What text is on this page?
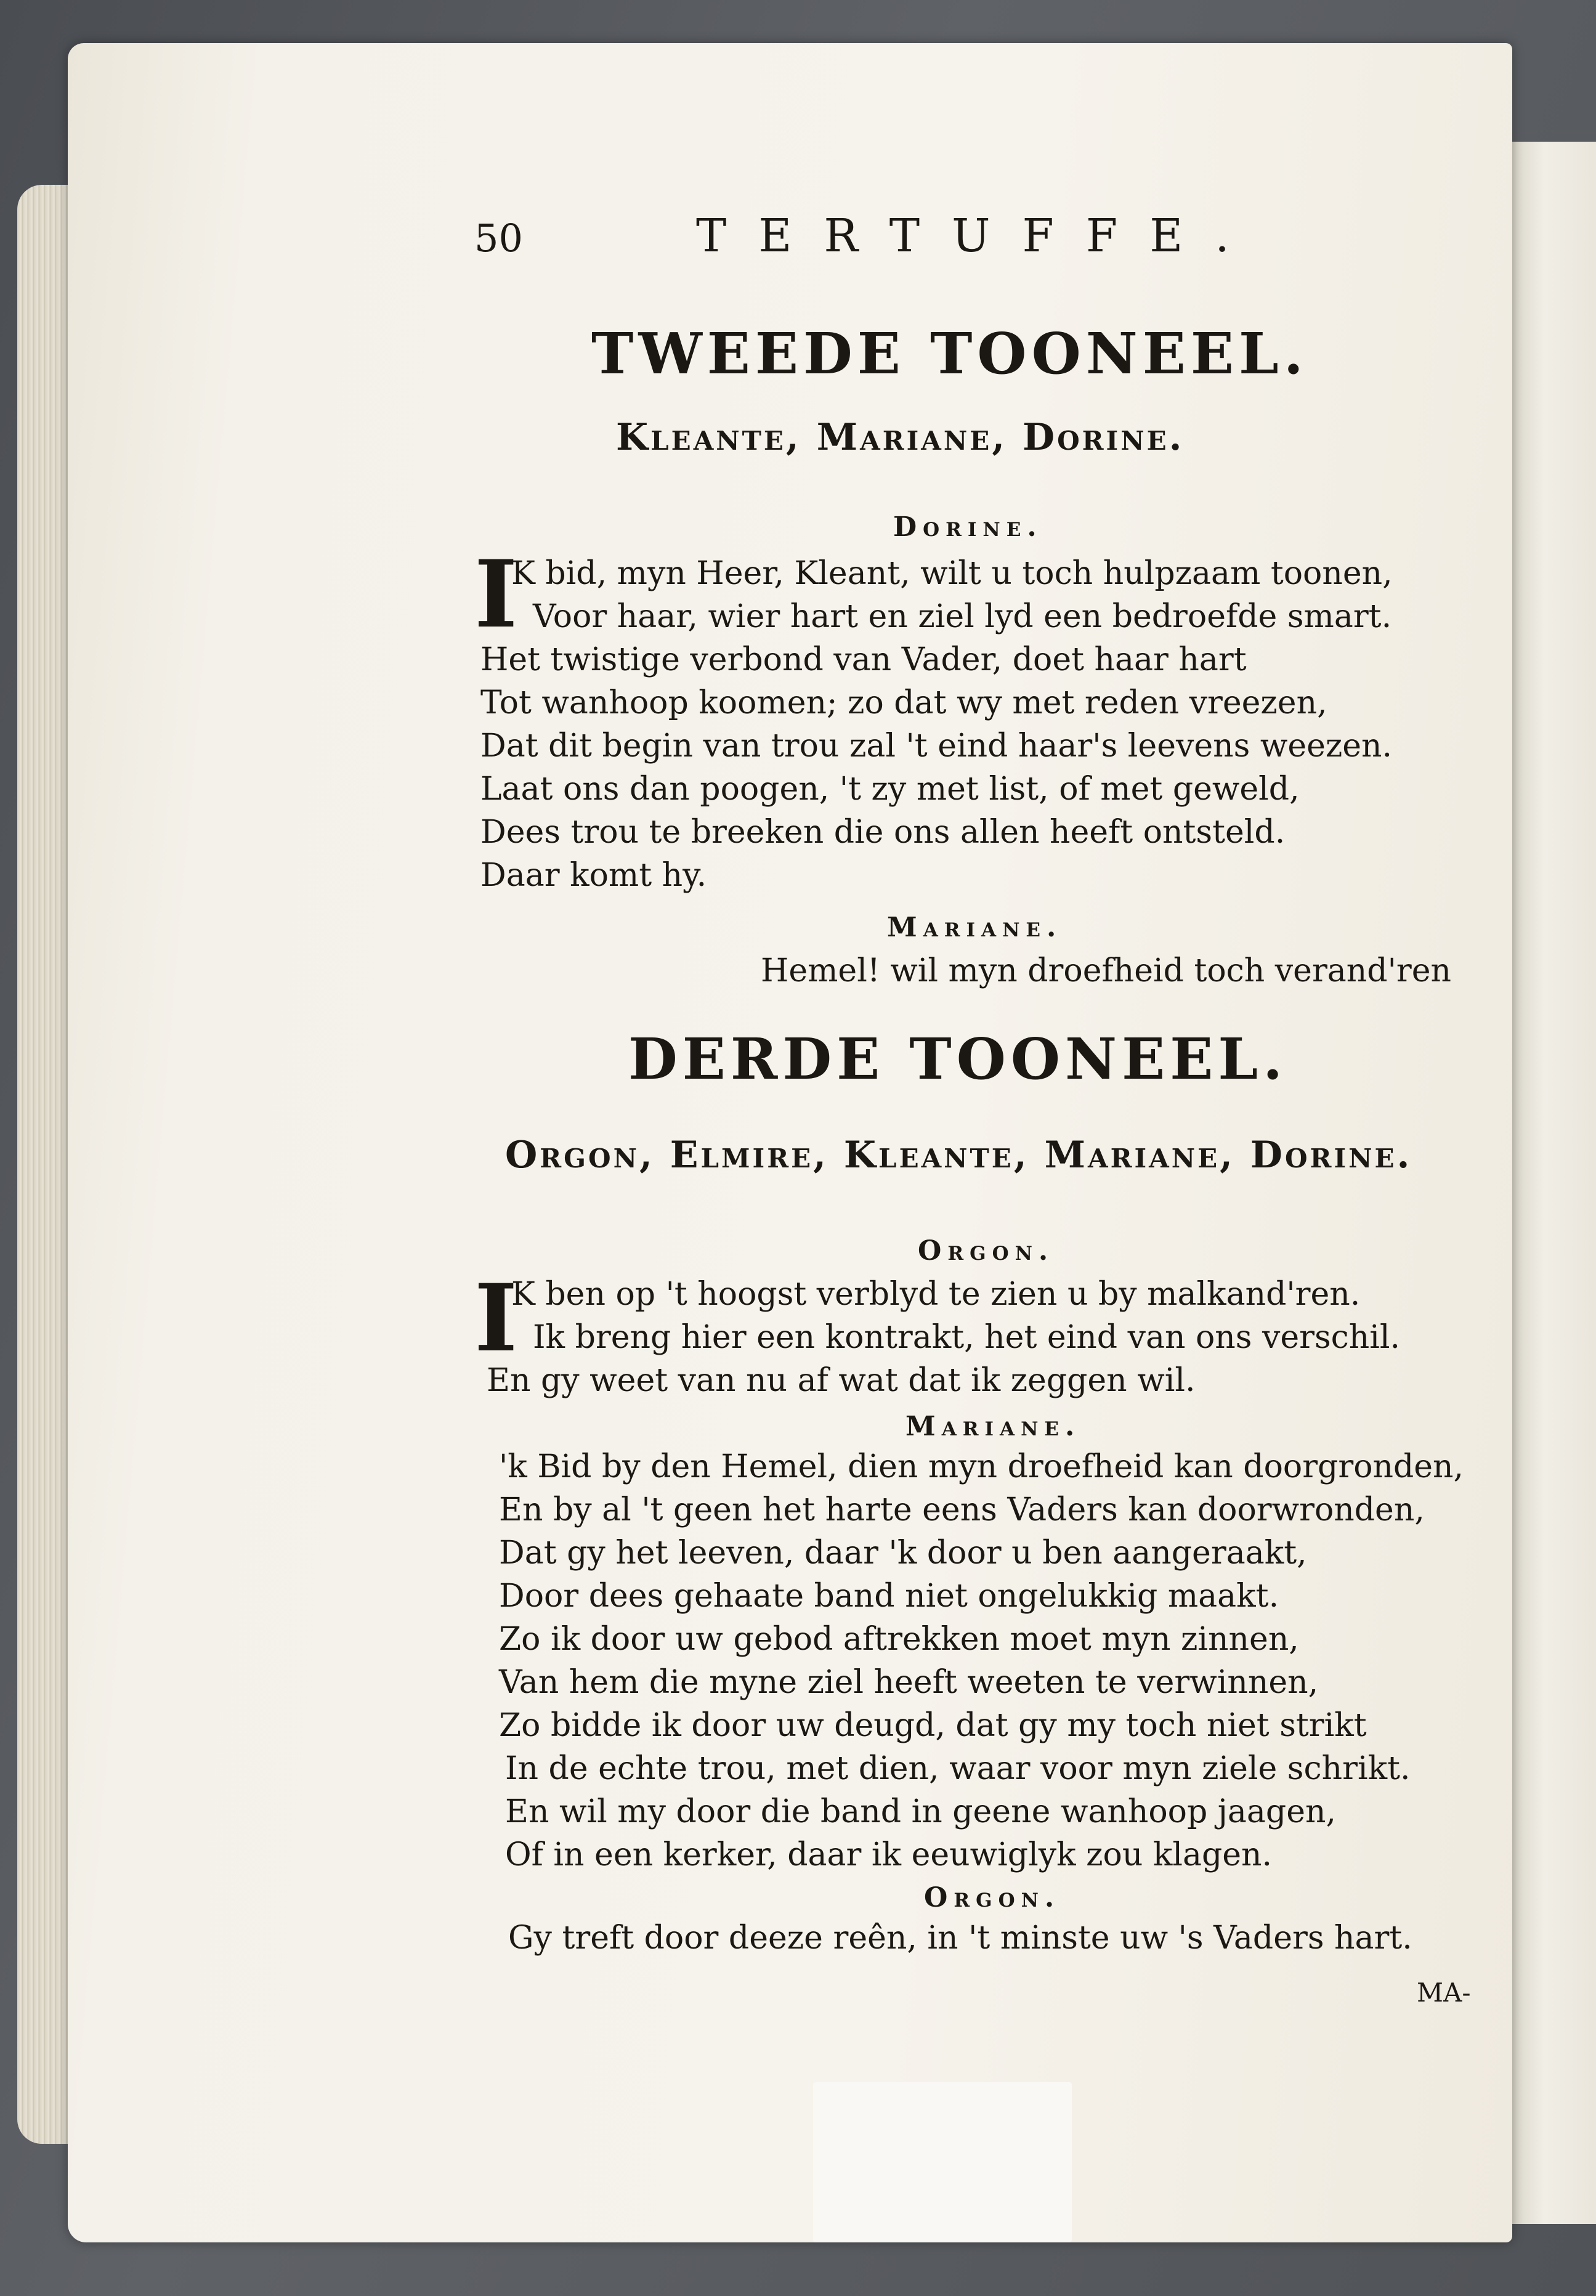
50	TERTUFFE.
TWEEDE TOONEEL.
Kleante, Mariane, Dorine.
Dorine.
I
K bid, myn Heer, Kleant, wilt u toch hulpzaam toonen,
Voor haar, wier hart en ziel lyd een bedroefde smart.
Het twistige verbond van Vader, doet haar hart
Tot wanhoop koomen; zo dat wy met reden vreezen,
Dat dit begin van trou zal 't eind haar's leevens weezen.
Laat ons dan poogen, 't zy met list, of met geweld,
Dees trou te breeken die ons allen heeft ontsteld.
Daar komt hy.
Mariane.
Hemel! wil myn droefheid toch verand'ren
DERDE TOONEEL.
Orgon, Elmire, Kleante, Mariane, Dorine.
Orgon.
I
K ben op 't hoogst verblyd te zien u by malkand'ren.
Ik breng hier een kontrakt, het eind van ons verschil.
En gy weet van nu af wat dat ik zeggen wil.
Mariane.
'k Bid by den Hemel, dien myn droefheid kan doorgronden,
En by al 't geen het harte eens Vaders kan doorwronden,
Dat gy het leeven, daar 'k door u ben aangeraakt,
Door dees gehaate band niet ongelukkig maakt.
Zo ik door uw gebod aftrekken moet myn zinnen,
Van hem die myne ziel heeft weeten te verwinnen,
Zo bidde ik door uw deugd, dat gy my toch niet strikt
In de echte trou, met dien, waar voor myn ziele schrikt.
En wil my door die band in geene wanhoop jaagen,
Of in een kerker, daar ik eeuwiglyk zou klagen.
Orgon.
Gy treft door deeze reên, in 't minste uw 's Vaders hart.
MA-
